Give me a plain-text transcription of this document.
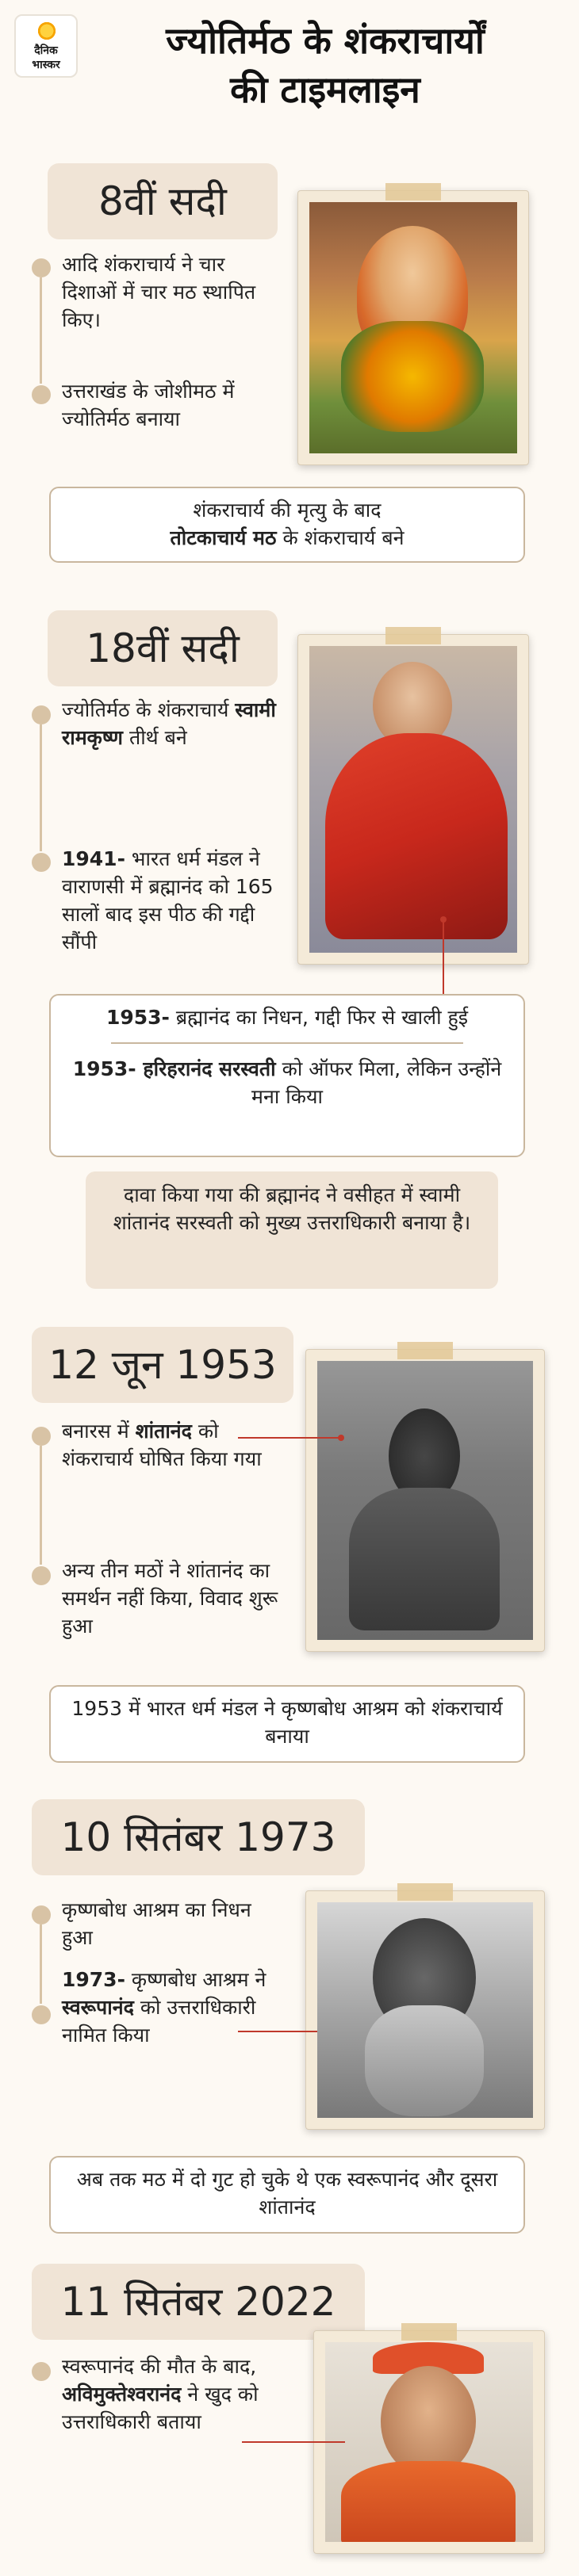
दैनिक
भास्कर
ज्योतिर्मठ के शंकराचार्यों
की टाइमलाइन
8वीं सदी
आदि शंकराचार्य ने चार दिशाओं में चार मठ स्थापित किए।
उत्तराखंड के जोशीमठ में ज्योतिर्मठ बनाया
शंकराचार्य की मृत्यु के बाद
तोटकाचार्य मठ के शंकराचार्य बने
18वीं सदी
ज्योतिर्मठ के शंकराचार्य स्वामी रामकृष्ण तीर्थ बने
1941- भारत धर्म मंडल ने वाराणसी में ब्रह्मानंद को 165 सालों बाद इस पीठ की गद्दी सौंपी
1953- ब्रह्मानंद का निधन, गद्दी फिर से खाली हुई
1953- हरिहरानंद सरस्वती को ऑफर मिला, लेकिन उन्होंने मना किया
दावा किया गया की ब्रह्मानंद ने वसीहत में स्वामी शांतानंद सरस्वती को मुख्य उत्तराधिकारी बनाया है।
12 जून 1953
बनारस में शांतानंद को शंकराचार्य घोषित किया गया
अन्य तीन मठों ने शांतानंद का समर्थन नहीं किया, विवाद शुरू हुआ
1953 में भारत धर्म मंडल ने कृष्णबोध आश्रम को शंकराचार्य बनाया
10 सितंबर 1973
कृष्णबोध आश्रम का निधन हुआ
1973- कृष्णबोध आश्रम ने स्वरूपानंद को उत्तराधिकारी नामित किया
अब तक मठ में दो गुट हो चुके थे एक स्वरूपानंद और दूसरा शांतानंद
11 सितंबर 2022
स्वरूपानंद की मौत के बाद, अविमुक्तेश्वरानंद ने खुद को उत्तराधिकारी बताया
